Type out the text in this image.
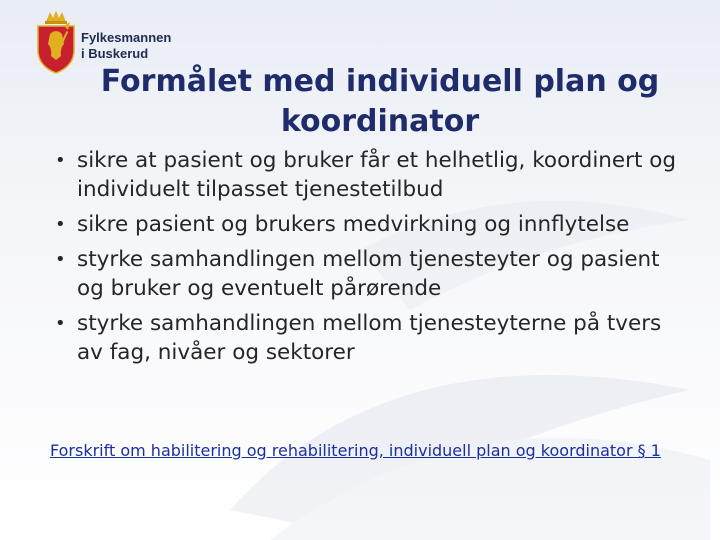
Fylkesmannen
i Buskerud
Formålet med individuell plan og
koordinator
• sikre at pasient og bruker får et helhetlig, koordinert og individuelt tilpasset tjenestetilbud
• sikre pasient og brukers medvirkning og innflytelse
• styrke samhandlingen mellom tjenesteyter og pasient og bruker og eventuelt pårørende
• styrke samhandlingen mellom tjenesteyterne på tvers av fag, nivåer og sektorer
Forskrift om habilitering og rehabilitering, individuell plan og koordinator § 1
